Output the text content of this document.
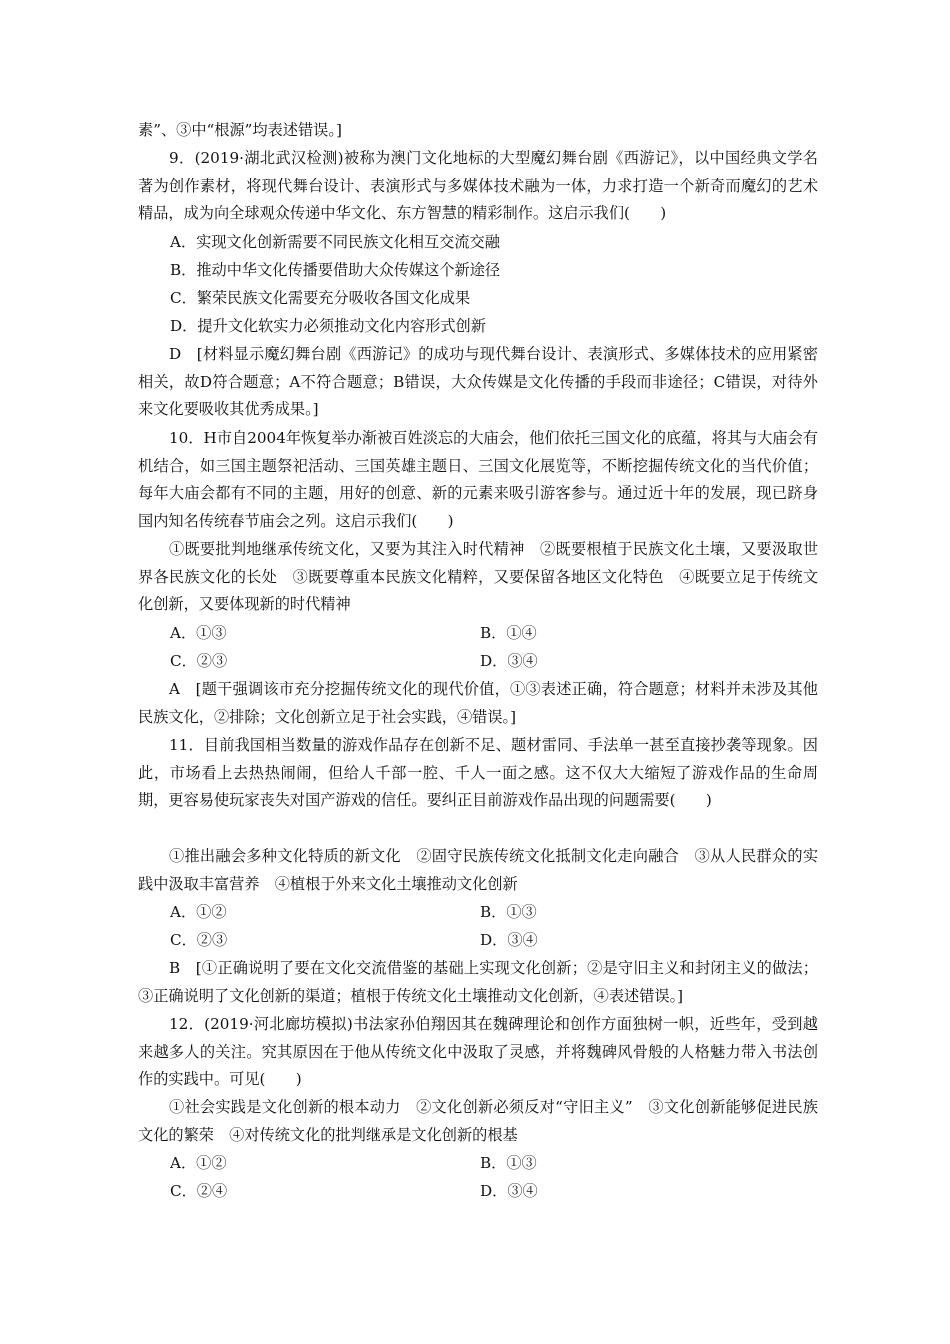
素”、③中“根源”均表述错误。]

9．(2019·湖北武汉检测)被称为澳门文化地标的大型魔幻舞台剧《西游记》，以中国经典文学名著为创作素材，将现代舞台设计、表演形式与多媒体技术融为一体，力求打造一个新奇而魔幻的艺术精品，成为向全球观众传递中华文化、东方智慧的精彩制作。这启示我们(　　)

A．实现文化创新需要不同民族文化相互交流交融

B．推动中华文化传播要借助大众传媒这个新途径

C．繁荣民族文化需要充分吸收各国文化成果

D．提升文化软实力必须推动文化内容形式创新

D　[材料显示魔幻舞台剧《西游记》的成功与现代舞台设计、表演形式、多媒体技术的应用紧密相关，故D符合题意；A不符合题意；B错误，大众传媒是文化传播的手段而非途径；C错误，对待外来文化要吸收其优秀成果。]

10．H市自2004年恢复举办渐被百姓淡忘的大庙会，他们依托三国文化的底蕴，将其与大庙会有机结合，如三国主题祭祀活动、三国英雄主题日、三国文化展览等，不断挖掘传统文化的当代价值；每年大庙会都有不同的主题，用好的创意、新的元素来吸引游客参与。通过近十年的发展，现已跻身国内知名传统春节庙会之列。这启示我们(　　)

①既要批判地继承传统文化，又要为其注入时代精神　②既要根植于民族文化土壤，又要汲取世界各民族文化的长处　③既要尊重本民族文化精粹，又要保留各地区文化特色　④既要立足于传统文化创新，又要体现新的时代精神

A．①③	B．①④

C．②③	D．③④

A　[题干强调该市充分挖掘传统文化的现代价值，①③表述正确，符合题意；材料并未涉及其他民族文化，②排除；文化创新立足于社会实践，④错误。]

11．目前我国相当数量的游戏作品存在创新不足、题材雷同、手法单一甚至直接抄袭等现象。因此，市场看上去热热闹闹，但给人千部一腔、千人一面之感。这不仅大大缩短了游戏作品的生命周期，更容易使玩家丧失对国产游戏的信任。要纠正目前游戏作品出现的问题需要(　　)

①推出融会多种文化特质的新文化　②固守民族传统文化抵制文化走向融合　③从人民群众的实践中汲取丰富营养　④植根于外来文化土壤推动文化创新

A．①②	B．①③

C．②③	D．③④

B　[①正确说明了要在文化交流借鉴的基础上实现文化创新；②是守旧主义和封闭主义的做法；③正确说明了文化创新的渠道；植根于传统文化土壤推动文化创新，④表述错误。]

12．(2019·河北廊坊模拟)书法家孙伯翔因其在魏碑理论和创作方面独树一帜，近些年，受到越来越多人的关注。究其原因在于他从传统文化中汲取了灵感，并将魏碑风骨般的人格魅力带入书法创作的实践中。可见(　　)

①社会实践是文化创新的根本动力　②文化创新必须反对“守旧主义”　③文化创新能够促进民族文化的繁荣　④对传统文化的批判继承是文化创新的根基

A．①②	B．①③

C．②④	D．③④
